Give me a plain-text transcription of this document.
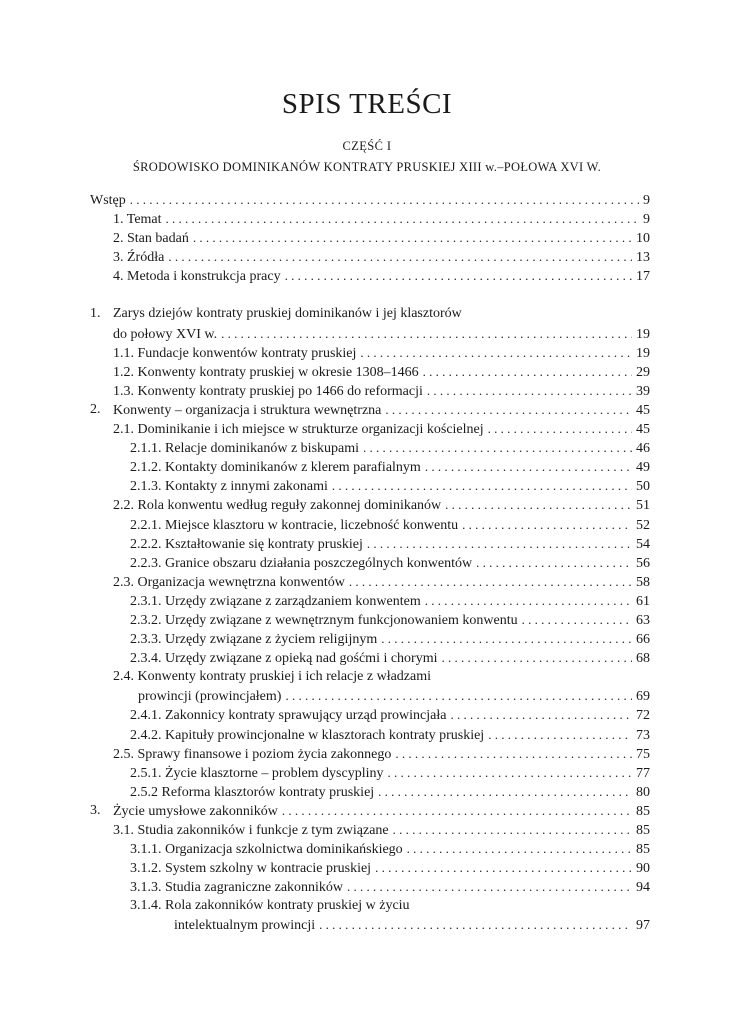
SPIS TREŚCI
CZĘŚĆ I
ŚRODOWISKO DOMINIKANÓW KONTRATY PRUSKIEJ XIII w.–POŁOWA XVI W.
Wstęp . . .	9
1. Temat . . .	9
2. Stan badań . . .	10
3. Źródła . . .	13
4. Metoda i konstrukcja pracy . . .	17
1. Zarys dziejów kontraty pruskiej dominikanów i jej klasztorów
do połowy XVI w. . . .	19
1.1. Fundacje konwentów kontraty pruskiej . . .	19
1.2. Konwenty kontraty pruskiej w okresie 1308–1466 . . .	29
1.3. Konwenty kontraty pruskiej po 1466 do reformacji . . .	39
2. Konwenty – organizacja i struktura wewnętrzna . . .	45
2.1. Dominikanie i ich miejsce w strukturze organizacji kościelnej . . .	45
2.1.1. Relacje dominikanów z biskupami . . .	46
2.1.2. Kontakty dominikanów z klerem parafialnym . . .	49
2.1.3. Kontakty z innymi zakonami . . .	50
2.2. Rola konwentu według reguły zakonnej dominikanów . . .	51
2.2.1. Miejsce klasztoru w kontracie, liczebność konwentu . . .	52
2.2.2. Kształtowanie się kontraty pruskiej . . .	54
2.2.3. Granice obszaru działania poszczególnych konwentów . . .	56
2.3. Organizacja wewnętrzna konwentów . . .	58
2.3.1. Urzędy związane z zarządzaniem konwentem . . .	61
2.3.2. Urzędy związane z wewnętrznym funkcjonowaniem konwentu . . .	63
2.3.3. Urzędy związane z życiem religijnym . . .	66
2.3.4. Urzędy związane z opieką nad gośćmi i chorymi . . .	68
2.4. Konwenty kontraty pruskiej i ich relacje z władzami
prowincji (prowincjałem) . . .	69
2.4.1. Zakonnicy kontraty sprawujący urząd prowincjała . . .	72
2.4.2. Kapituły prowincjonalne w klasztorach kontraty pruskiej . . .	73
2.5. Sprawy finansowe i poziom życia zakonnego . . .	75
2.5.1. Życie klasztorne – problem dyscypliny . . .	77
2.5.2 Reforma klasztorów kontraty pruskiej . . .	80
3. Życie umysłowe zakonników . . .	85
3.1. Studia zakonników i funkcje z tym związane . . .	85
3.1.1. Organizacja szkolnictwa dominikańskiego . . .	85
3.1.2. System szkolny w kontracie pruskiej . . .	90
3.1.3. Studia zagraniczne zakonników . . .	94
3.1.4. Rola zakonników kontraty pruskiej w życiu
intelektualnym prowincji . . .	97
